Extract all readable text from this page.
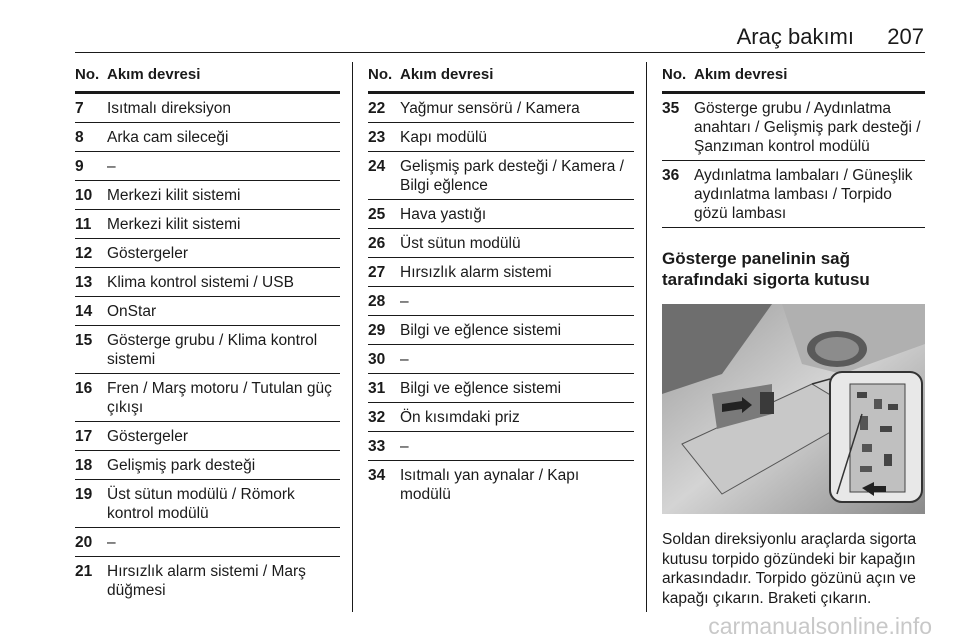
Araç bakımı 207
No. Akım devresi
7	Isıtmalı direksiyon
8	Arka cam sileceği
9	–
10 Merkezi kilit sistemi
11	Merkezi kilit sistemi
12 Göstergeler
13 Klima kontrol sistemi / USB
14 OnStar
15 Gösterge grubu / Klima kontrol sistemi
16 Fren / Marş motoru / Tutulan güç çıkışı
17 Göstergeler
18 Gelişmiş park desteği
19 Üst sütun modülü / Römork kontrol modülü
20 –
21 Hırsızlık alarm sistemi / Marş düğmesi
No. Akım devresi
22 Yağmur sensörü / Kamera
23 Kapı modülü
24 Gelişmiş park desteği / Kamera / Bilgi eğlence
25 Hava yastığı
26 Üst sütun modülü
27 Hırsızlık alarm sistemi
28 –
29 Bilgi ve eğlence sistemi
30 –
31 Bilgi ve eğlence sistemi
32 Ön kısımdaki priz
33 –
34 Isıtmalı yan aynalar / Kapı modülü
No. Akım devresi
35 Gösterge grubu / Aydınlatma anahtarı / Gelişmiş park desteği / Şanzıman kontrol modülü
36 Aydınlatma lambaları / Güneşlik aydınlatma lambası / Torpido gözü lambası
Gösterge panelinin sağ tarafındaki sigorta kutusu
Soldan direksiyonlu araçlarda sigorta kutusu torpido gözündeki bir kapağın arkasındadır. Torpido gözünü açın ve kapağı çıkarın. Braketi çıkarın.
carmanualsonline.info
